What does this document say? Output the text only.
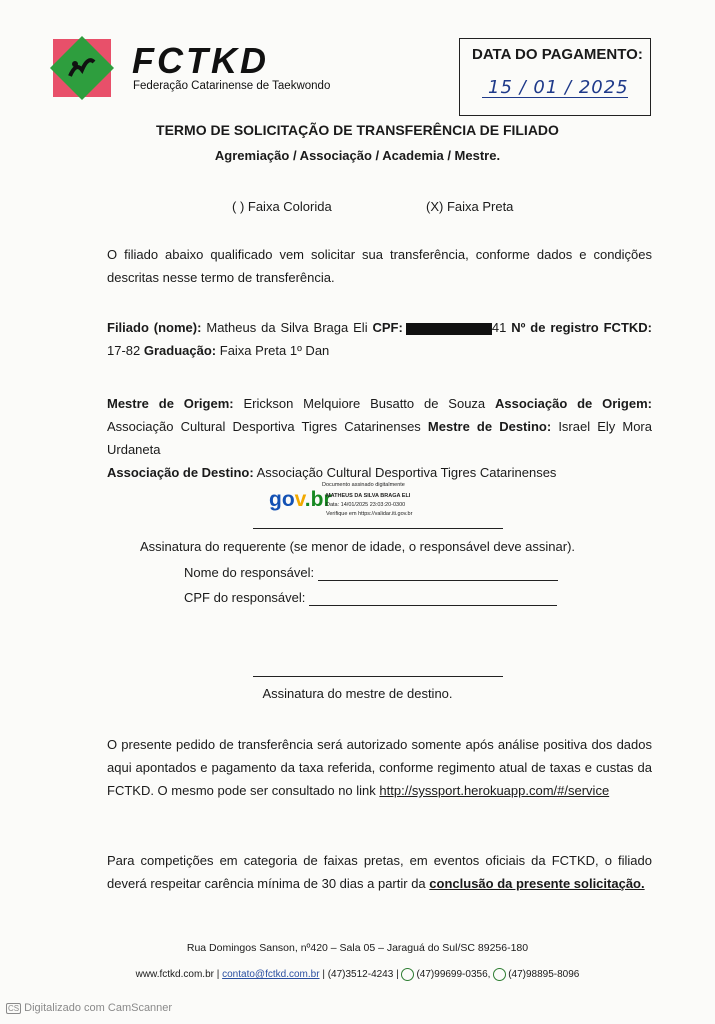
FCTKD
Federação Catarinense de Taekwondo
DATA DO PAGAMENTO:
15 / 01 / 2025
TERMO DE SOLICITAÇÃO DE TRANSFERÊNCIA DE FILIADO
Agremiação / Associação / Academia / Mestre.
( ) Faixa Colorida	(X) Faixa Preta
O filiado abaixo qualificado vem solicitar sua transferência, conforme dados e condições descritas nesse termo de transferência.
Filiado (nome): Matheus da Silva Braga Eli CPF:	41 Nº de registro FCTKD: 17-82 Graduação: Faixa Preta 1º Dan
Mestre de Origem: Erickson Melquiore Busatto de Souza Associação de Origem: Associação Cultural Desportiva Tigres Catarinenses Mestre de Destino: Israel Ely Mora Urdaneta
Associação de Destino: Associação Cultural Desportiva Tigres Catarinenses
gov.br
Documento assinado digitalmente
MATHEUS DA SILVA BRAGA ELI
Data: 14/01/2025 23:03:20-0300
Verifique em https://validar.iti.gov.br
Assinatura do requerente (se menor de idade, o responsável deve assinar).
Nome do responsável:
CPF do responsável:
Assinatura do mestre de destino.
O presente pedido de transferência será autorizado somente após análise positiva dos dados aqui apontados e pagamento da taxa referida, conforme regimento atual de taxas e custas da FCTKD. O mesmo pode ser consultado no link http://syssport.herokuapp.com/#/service
Para competições em categoria de faixas pretas, em eventos oficiais da FCTKD, o filiado deverá respeitar carência mínima de 30 dias a partir da conclusão da presente solicitação.
Rua Domingos Sanson, nº420 – Sala 05 – Jaraguá do Sul/SC 89256-180
www.fctkd.com.br | contato@fctkd.com.br | (47)3512-4243 | (47)99699-0356, (47)98895-8096
CS Digitalizado com CamScanner
